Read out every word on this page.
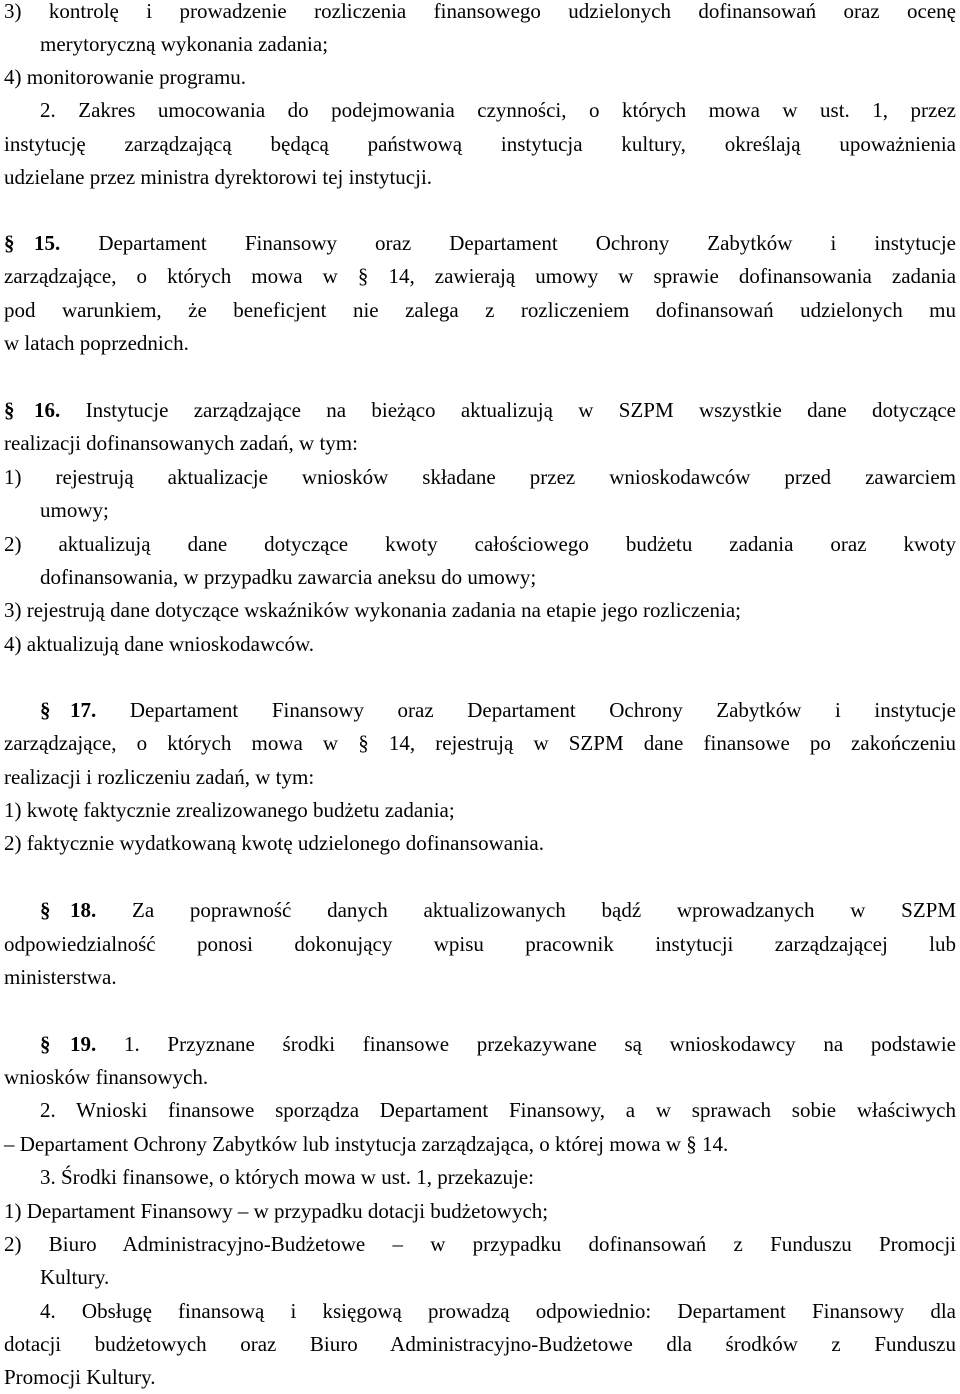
3) kontrolę i prowadzenie rozliczenia finansowego udzielonych dofinansowań oraz ocenę
merytoryczną wykonania zadania;
4) monitorowanie programu.
2. Zakres umocowania do podejmowania czynności, o których mowa w ust. 1, przez
instytucję zarządzającą będącą państwową instytucja kultury, określają upoważnienia
udzielane przez ministra dyrektorowi tej instytucji.
§ 15. Departament Finansowy oraz Departament Ochrony Zabytków i instytucje
zarządzające, o których mowa w § 14, zawierają umowy w sprawie dofinansowania zadania
pod warunkiem, że beneficjent nie zalega z rozliczeniem dofinansowań udzielonych mu
w latach poprzednich.
§ 16. Instytucje zarządzające na bieżąco aktualizują w SZPM wszystkie dane dotyczące
realizacji dofinansowanych zadań, w tym:
1) rejestrują aktualizacje wniosków składane przez wnioskodawców przed zawarciem
umowy;
2) aktualizują dane dotyczące kwoty całościowego budżetu zadania oraz kwoty
dofinansowania, w przypadku zawarcia aneksu do umowy;
3) rejestrują dane dotyczące wskaźników wykonania zadania na etapie jego rozliczenia;
4) aktualizują dane wnioskodawców.
§ 17. Departament Finansowy oraz Departament Ochrony Zabytków i instytucje
zarządzające, o których mowa w § 14, rejestrują w SZPM dane finansowe po zakończeniu
realizacji i rozliczeniu zadań, w tym:
1) kwotę faktycznie zrealizowanego budżetu zadania;
2) faktycznie wydatkowaną kwotę udzielonego dofinansowania.
§ 18. Za poprawność danych aktualizowanych bądź wprowadzanych w SZPM
odpowiedzialność ponosi dokonujący wpisu pracownik instytucji zarządzającej lub
ministerstwa.
§ 19. 1. Przyznane środki finansowe przekazywane są wnioskodawcy na podstawie
wniosków finansowych.
2. Wnioski finansowe sporządza Departament Finansowy, a w sprawach sobie właściwych
– Departament Ochrony Zabytków lub instytucja zarządzająca, o której mowa w § 14.
3. Środki finansowe, o których mowa w ust. 1, przekazuje:
1) Departament Finansowy – w przypadku dotacji budżetowych;
2) Biuro Administracyjno-Budżetowe – w przypadku dofinansowań z Funduszu Promocji
Kultury.
4. Obsługę finansową i księgową prowadzą odpowiednio: Departament Finansowy dla
dotacji budżetowych oraz Biuro Administracyjno-Budżetowe dla środków z Funduszu
Promocji Kultury.
